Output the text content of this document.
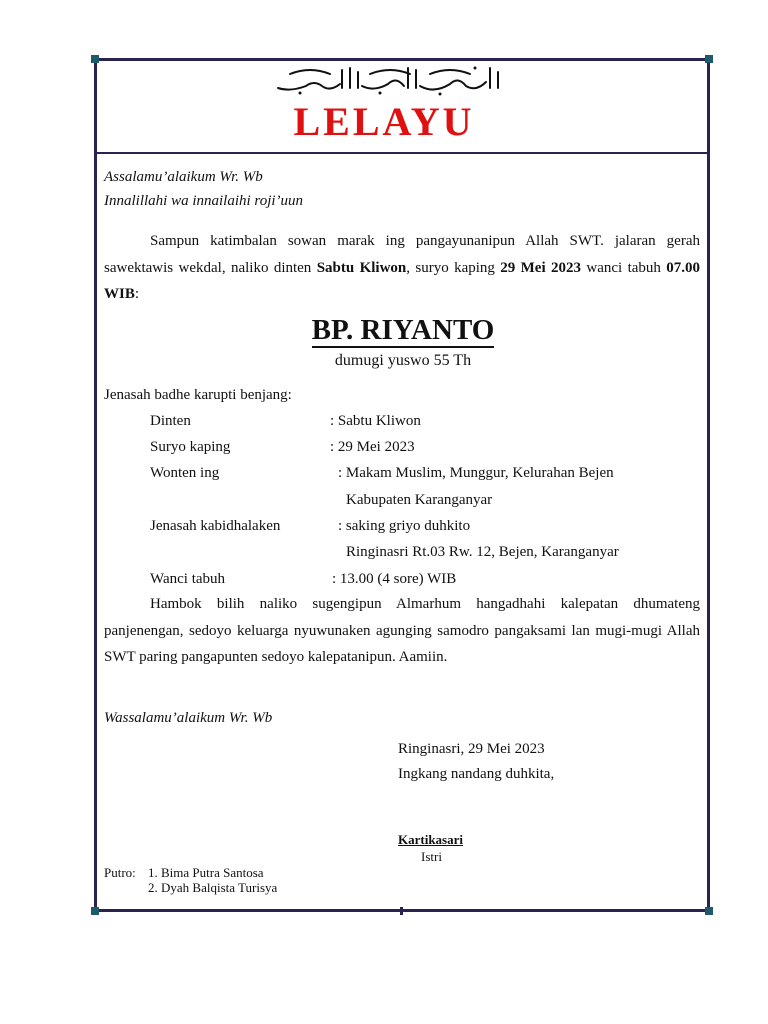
LELAYU
Assalamu’alaikum Wr. Wb
Innalillahi wa innailaihi roji’uun
Sampun katimbalan sowan marak ing pangayunanipun Allah SWT. jalaran gerah sawektawis wekdal, naliko dinten Sabtu Kliwon, suryo kaping 29 Mei 2023 wanci tabuh 07.00 WIB:
BP. RIYANTO
dumugi yuswo 55 Th
Jenasah badhe karupti benjang:
Dinten	: Sabtu Kliwon
Suryo kaping	: 29 Mei 2023
Wonten ing	: Makam Muslim, Munggur, Kelurahan Bejen
Kabupaten Karanganyar
Jenasah kabidhalaken	: saking griyo duhkito
Ringinasri Rt.03 Rw. 12, Bejen, Karanganyar
Wanci tabuh	: 13.00 (4 sore) WIB
Hambok bilih naliko sugengipun Almarhum hangadhahi kalepatan dhumateng panjenengan, sedoyo keluarga nyuwunaken agunging samodro pangaksami lan mugi-mugi Allah SWT paring pangapunten sedoyo kalepatanipun. Aamiin.
Wassalamu’alaikum Wr. Wb
Ringinasri, 29 Mei 2023
Ingkang nandang duhkita,
Kartikasari
Istri
Putro: 1. Bima Putra Santosa
2. Dyah Balqista Turisya
